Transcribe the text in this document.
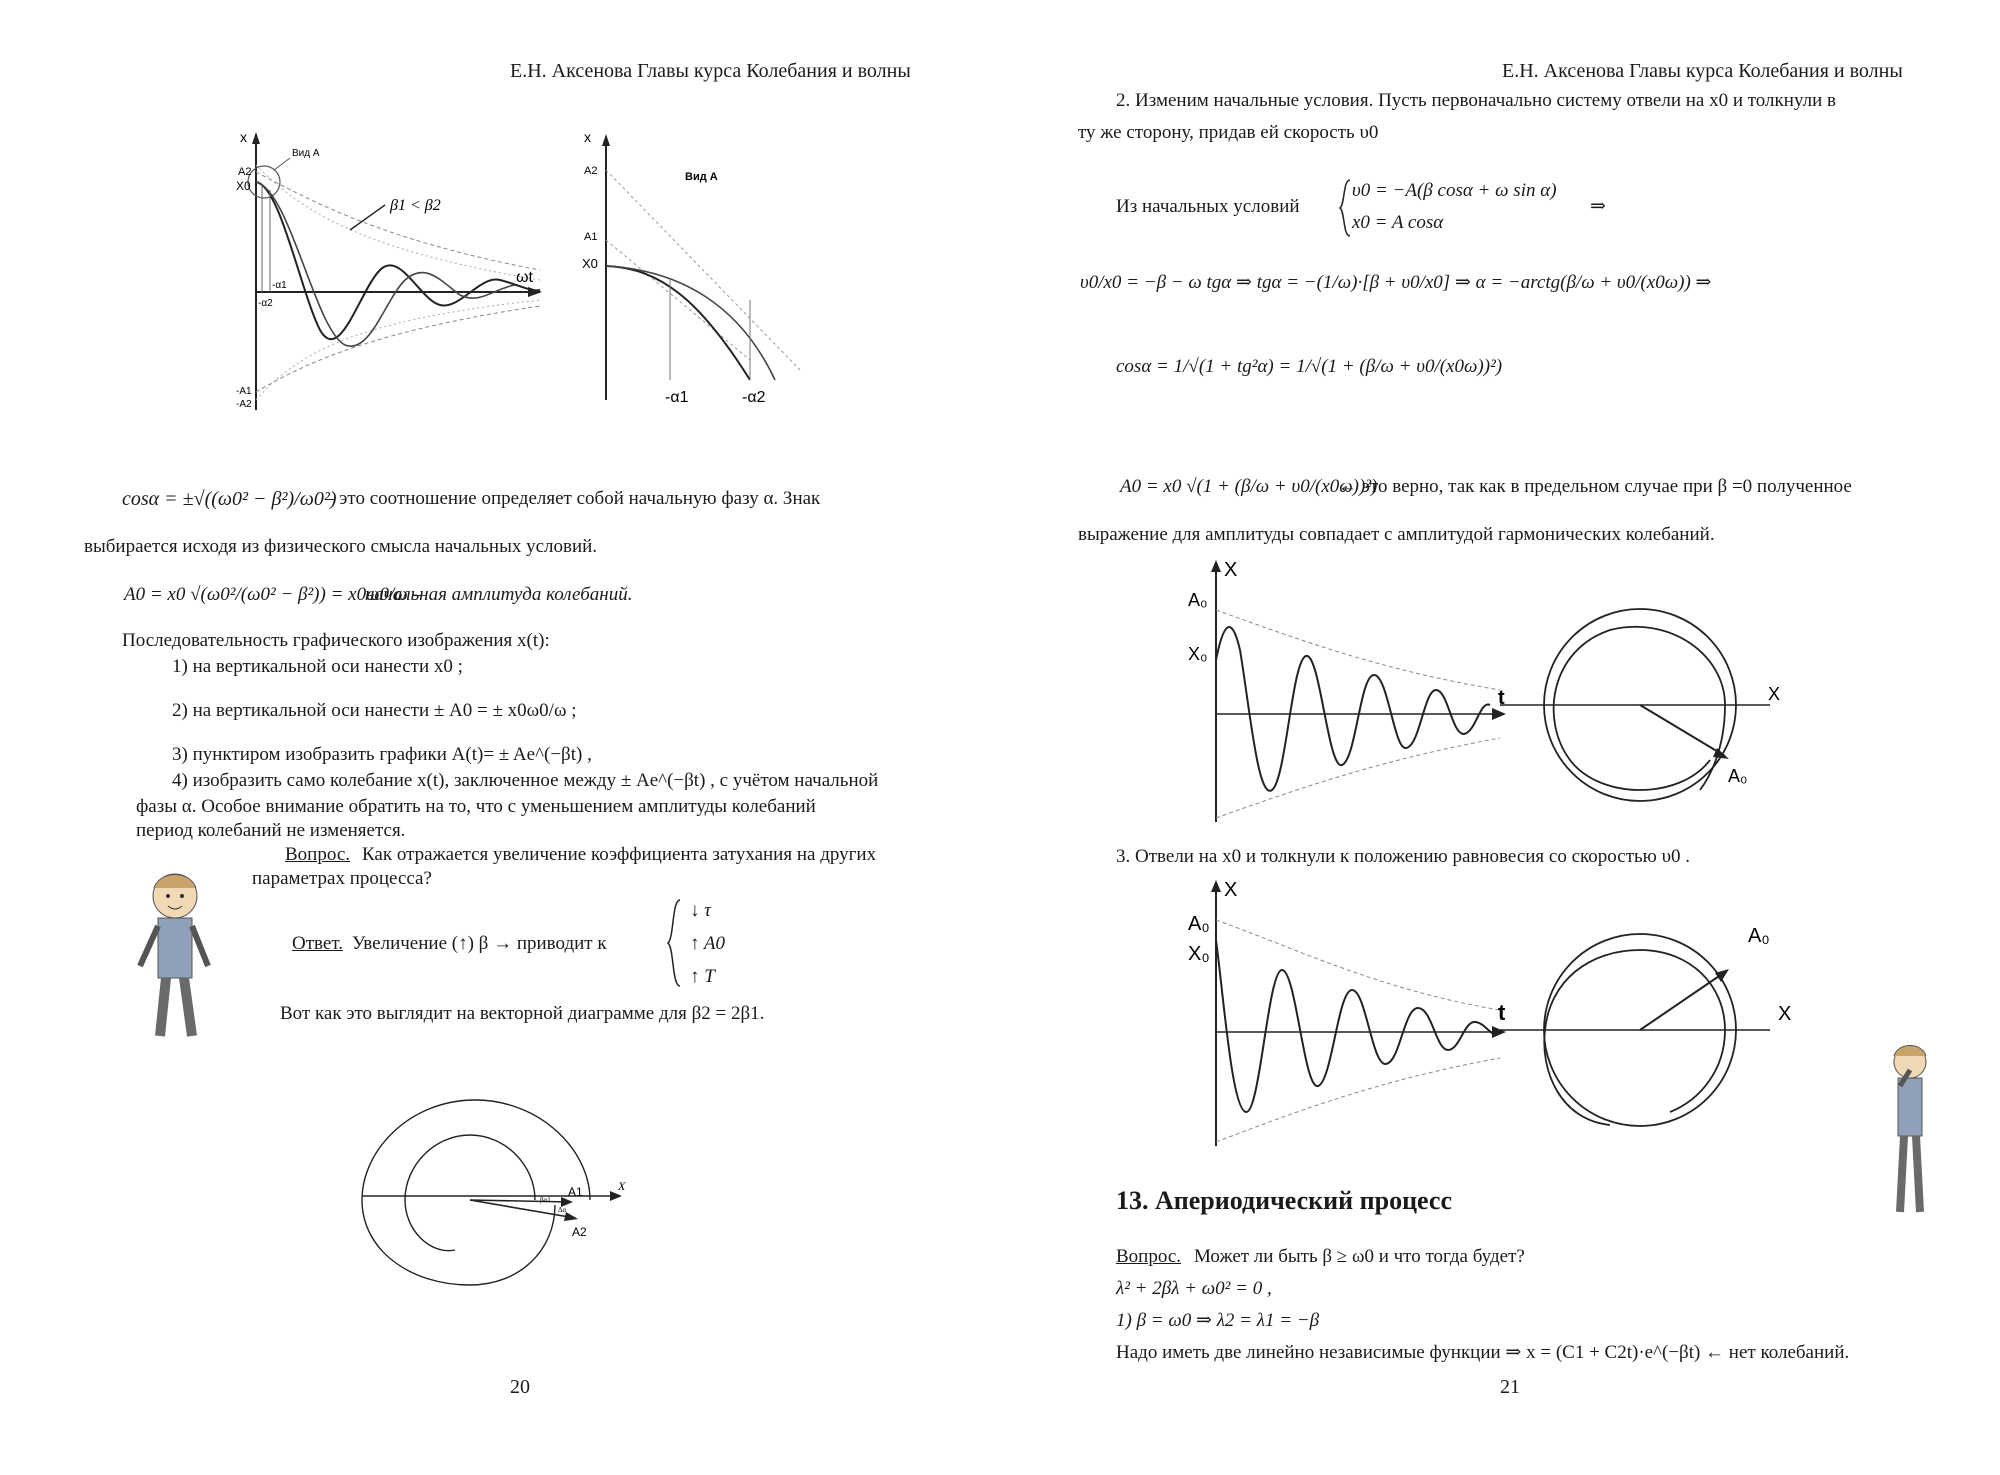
Е.Н. Аксенова Главы курса Колебания и волны
x
Вид А
A2
X0
β1 < β2
ωt
-α1
-α2
-A1
-A2
x
Вид А
A2
A1
X0
-α1	-α2
cosα = ±√((ω0² − β²)/ω0²)
– это соотношение определяет собой начальную фазу α. Знак
выбирается исходя из физического смысла начальных условий.
A0 = x0 √(ω0²/(ω0² − β²)) = x0ω0/ω –
начальная амплитуда колебаний.
Последовательность графического изображения x(t):
1) на вертикальной оси нанести x0 ;
2) на вертикальной оси нанести ± A0 = ± x0ω0/ω ;
3) пунктиром изобразить графики A(t)= ± Ae^(−βt) ,
4) изобразить само колебание x(t), заключенное между ± Ae^(−βt) , с учётом начальной
фазы α. Особое внимание обратить на то, что с уменьшением амплитуды колебаний
период колебаний не изменяется.
Вопрос. Как отражается увеличение коэффициента затухания на других
параметрах процесса?
Ответ. Увеличение (↑) β → приводит к
↓ τ
↑ A0
↑ T
Вот как это выглядит на векторной диаграмме для β2 = 2β1.
X
A1
A2
βα1
Δα
20
Е.Н. Аксенова Главы курса Колебания и волны
2. Изменим начальные условия. Пусть первоначально систему отвели на x0 и толкнули в
ту же сторону, придав ей скорость υ0
Из начальных условий
υ0 = −A(β cosα + ω sin α)
x0 = A cosα
⇒
υ0/x0 = −β − ω tgα ⇒ tgα = −(1/ω)·[β + υ0/x0] ⇒ α = −arctg(β/ω + υ0/(x0ω)) ⇒
cosα = 1/√(1 + tg²α) = 1/√(1 + (β/ω + υ0/(x0ω))²)
A0 = x0 √(1 + (β/ω + υ0/(x0ω))²)
← это верно, так как в предельном случае при β =0 полученное
выражение для амплитуды совпадает с амплитудой гармонических колебаний.
X
A₀
X₀
t	X
A₀
3. Отвели на x0 и толкнули к положению равновесия со скоростью υ0 .
X
A₀
X₀
t	X
A₀
13. Апериодический процесс
Вопрос. Может ли быть β ≥ ω0 и что тогда будет?
λ² + 2βλ + ω0² = 0 ,
1) β = ω0 ⇒ λ2 = λ1 = −β
Надо иметь две линейно независимые функции ⇒ x = (C1 + C2t)·e^(−βt) ← нет колебаний.
21
